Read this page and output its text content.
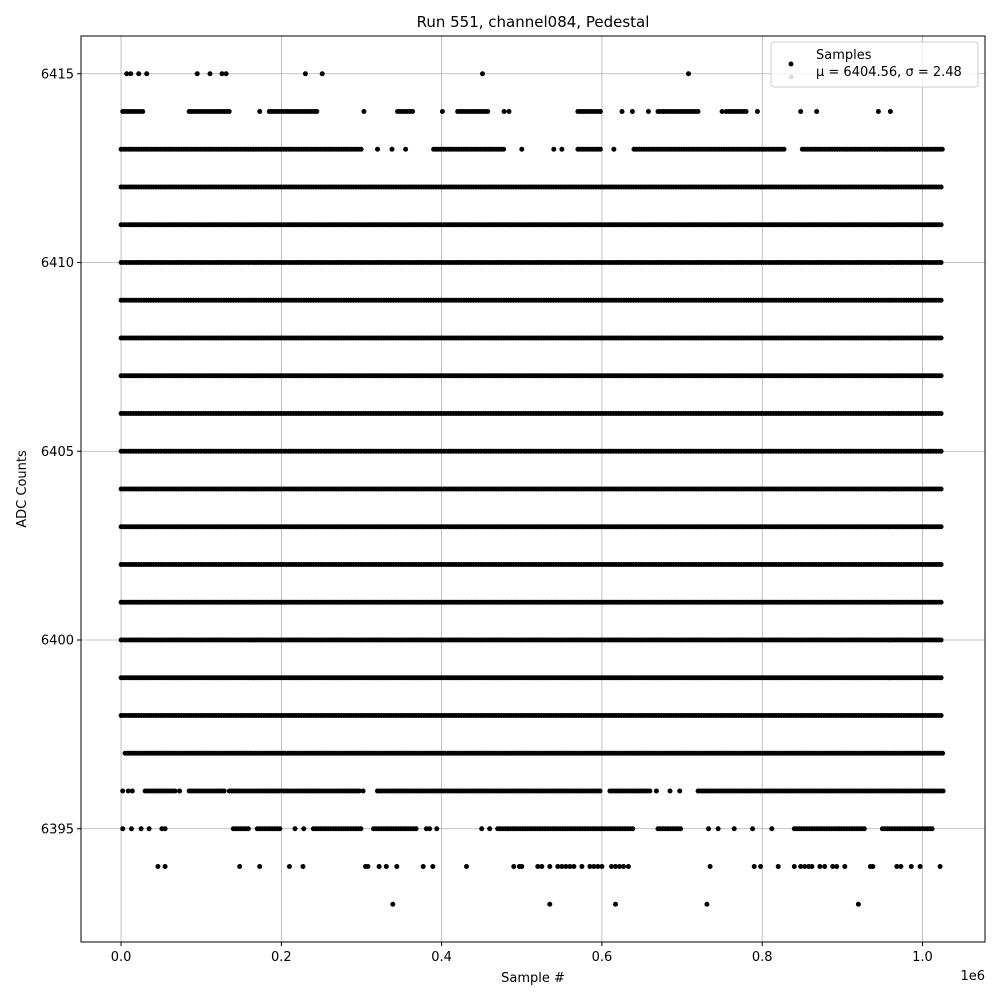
0.0	0.2	0.4	0.6	0.8	1.0
6395
6400
6405
6410
6415
Run 551, channel084, Pedestal
Sample #
ADC Counts
1e6
Samples
μ = 6404.56, σ = 2.48
